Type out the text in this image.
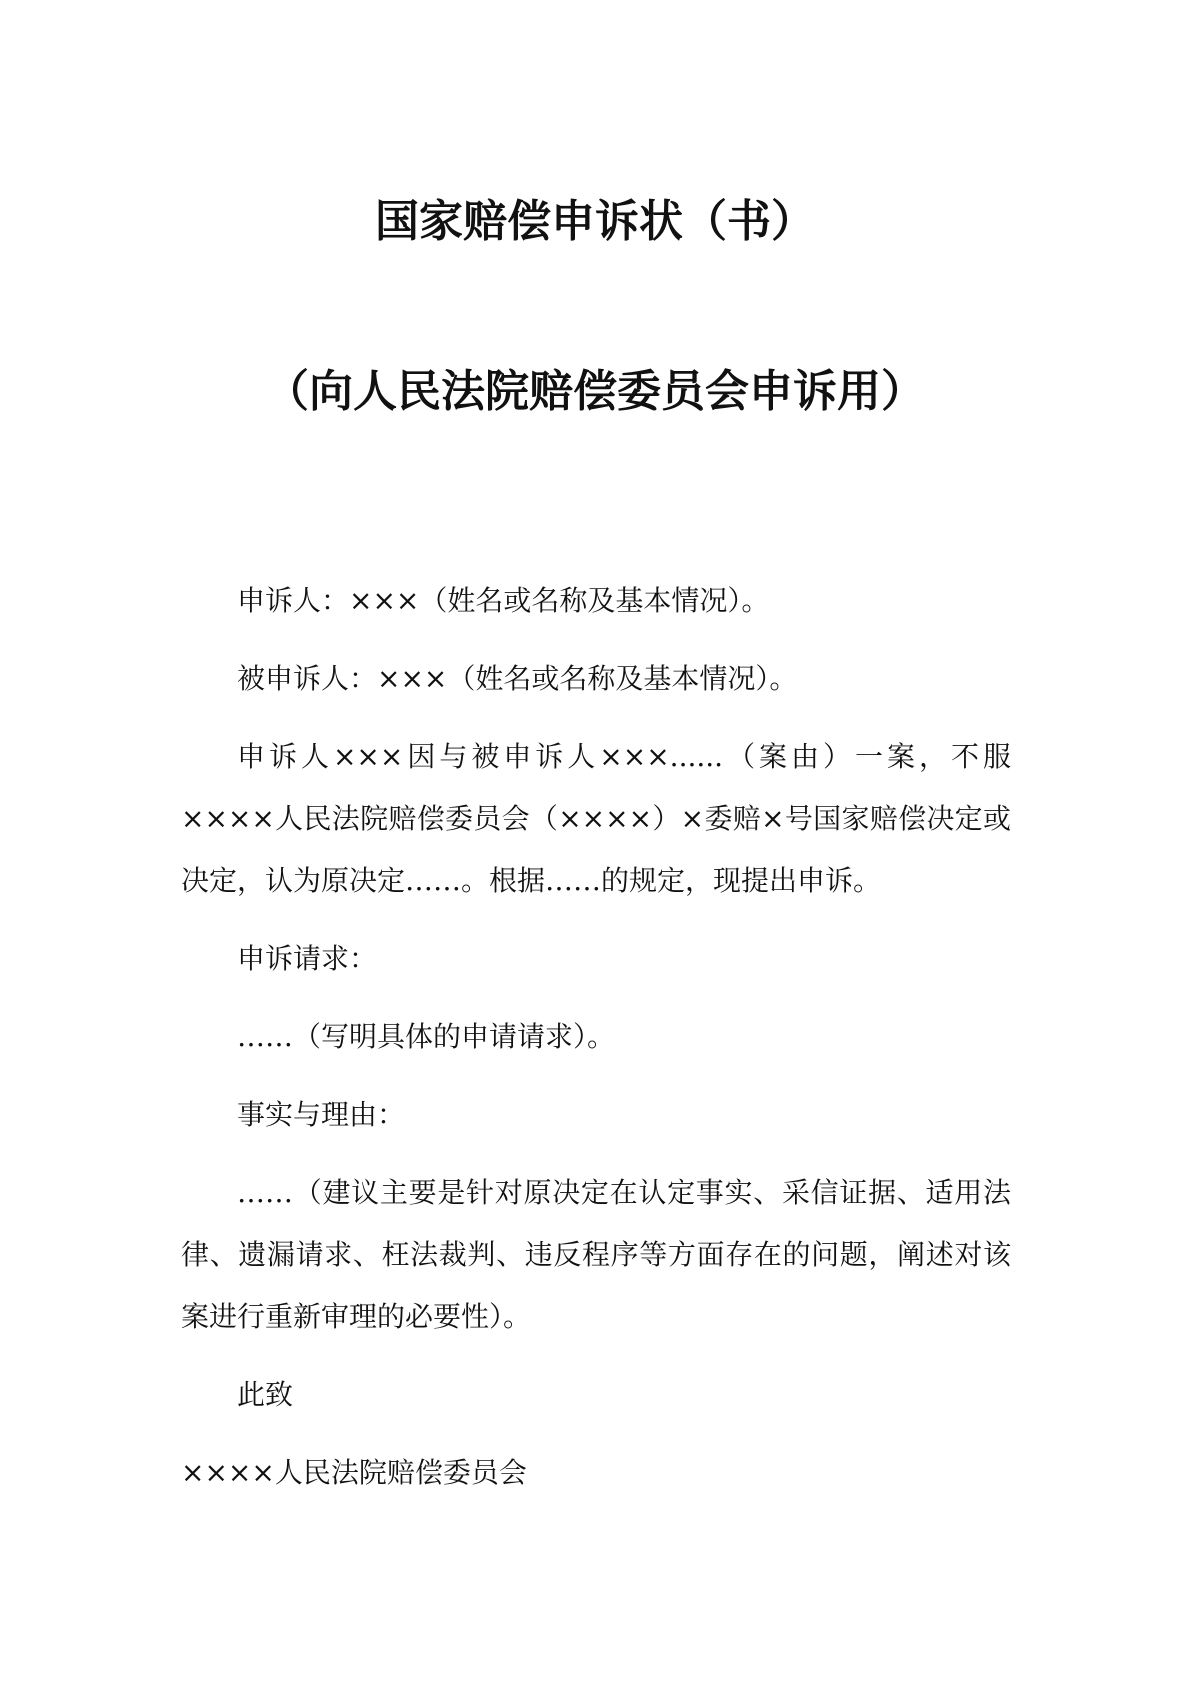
国家赔偿申诉状（书）
（向人民法院赔偿委员会申诉用）

申诉人：×××（姓名或名称及基本情况）。

被申诉人：×××（姓名或名称及基本情况）。

申诉人×××因与被申诉人×××......（案由）一案，不服××××人民法院赔偿委员会（××××）×委赔×号国家赔偿决定或决定，认为原决定……。根据……的规定，现提出申诉。

申诉请求：

……（写明具体的申请请求）。

事实与理由：

……（建议主要是针对原决定在认定事实、采信证据、适用法律、遗漏请求、枉法裁判、违反程序等方面存在的问题，阐述对该案进行重新审理的必要性）。

此致

××××人民法院赔偿委员会
